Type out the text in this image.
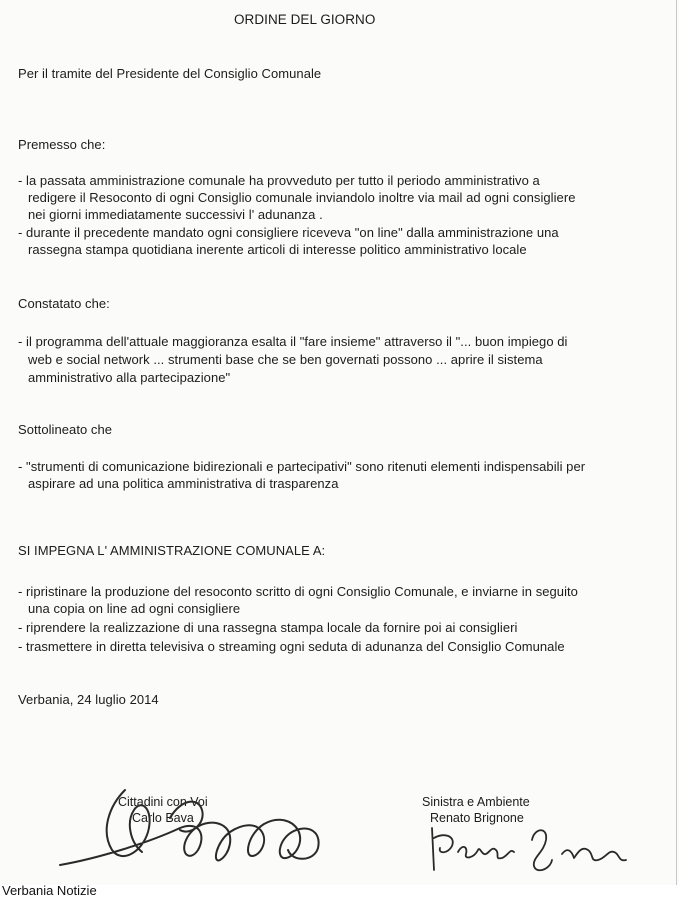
ORDINE DEL GIORNO
Per il tramite del Presidente del Consiglio Comunale
Premesso che:
- la passata amministrazione comunale ha provveduto per tutto il periodo amministrativo a
redigere il Resoconto di ogni Consiglio comunale inviandolo inoltre via mail ad ogni consigliere
nei giorni immediatamente successivi l' adunanza .
- durante il precedente mandato ogni consigliere riceveva "on line" dalla amministrazione una
rassegna stampa quotidiana inerente articoli di interesse politico amministrativo locale
Constatato che:
- il programma dell'attuale maggioranza esalta il "fare insieme" attraverso il "... buon impiego di
web e social network ... strumenti base che se ben governati possono ... aprire il sistema
amministrativo alla partecipazione"
Sottolineato che
- "strumenti di comunicazione bidirezionali e partecipativi" sono ritenuti elementi indispensabili per
aspirare ad una politica amministrativa di trasparenza
SI IMPEGNA L' AMMINISTRAZIONE COMUNALE A:
- ripristinare la produzione del resoconto scritto di ogni Consiglio Comunale, e inviarne in seguito
una copia on line ad ogni consigliere
- riprendere la realizzazione di una rassegna stampa locale da fornire poi ai consiglieri
- trasmettere in diretta televisiva o streaming ogni seduta di adunanza del Consiglio Comunale
Verbania, 24 luglio 2014
Cittadini con Voi
Carlo Bava
Sinistra e Ambiente
Renato Brignone
Verbania Notizie
